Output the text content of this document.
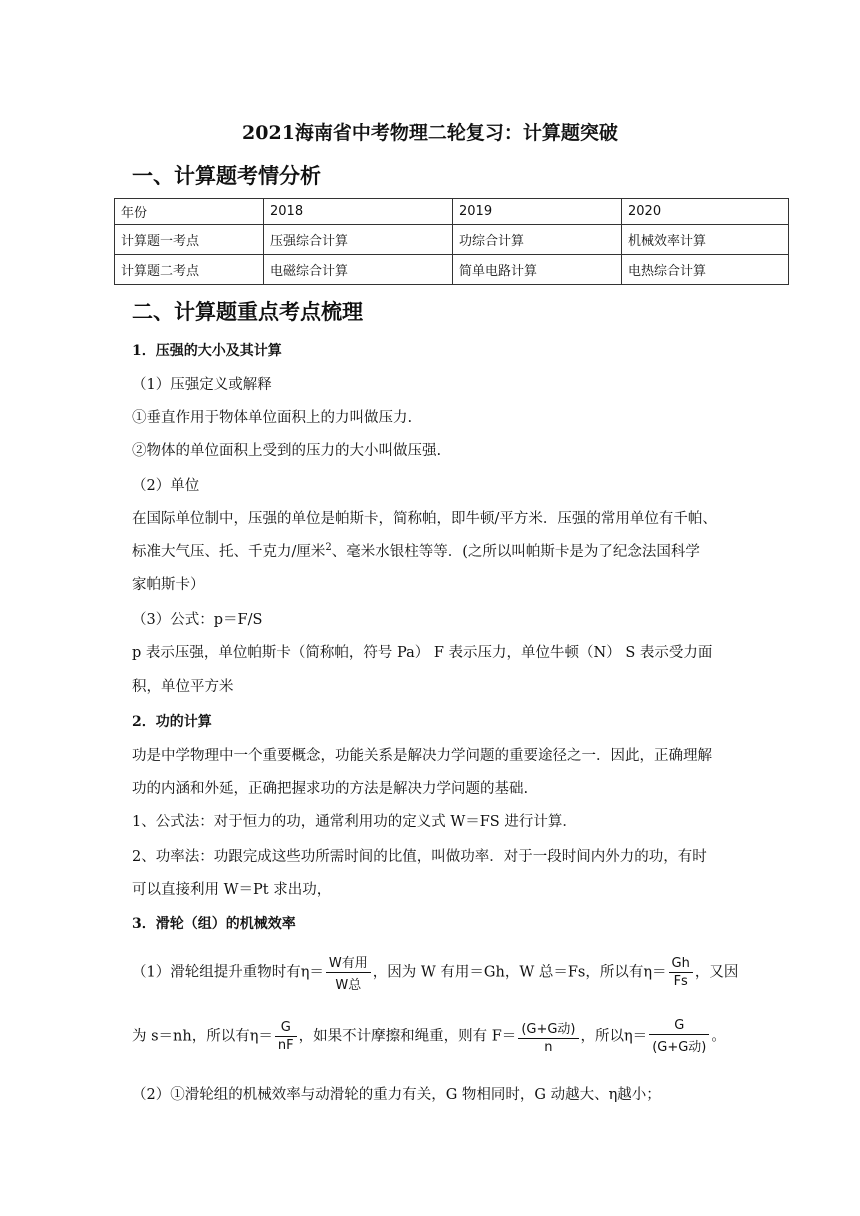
2021海南省中考物理二轮复习：计算题突破
一、计算题考情分析
年份	2018	2019	2020
计算题一考点	压强综合计算	功综合计算	机械效率计算
计算题二考点	电磁综合计算	简单电路计算	电热综合计算
二、计算题重点考点梳理
1．压强的大小及其计算
（1）压强定义或解释
①垂直作用于物体单位面积上的力叫做压力.
②物体的单位面积上受到的压力的大小叫做压强.
（2）单位
在国际单位制中，压强的单位是帕斯卡，简称帕，即牛顿/平方米．压强的常用单位有千帕、
标准大气压、托、千克力/厘米$^2$、毫米水银柱等等．(之所以叫帕斯卡是为了纪念法国科学
家帕斯卡）
（3）公式：p＝F/S
p 表示压强，单位帕斯卡（简称帕，符号 Pa） F 表示压力，单位牛顿（N） S 表示受力面
积，单位平方米
2．功的计算
功是中学物理中一个重要概念，功能关系是解决力学问题的重要途径之一．因此，正确理解
功的内涵和外延，正确把握求功的方法是解决力学问题的基础.
1、公式法：对于恒力的功，通常利用功的定义式 W＝FS 进行计算．
2、功率法：功跟完成这些功所需时间的比值，叫做功率．对于一段时间内外力的功，有时
可以直接利用 W＝Pt 求出功，
3．滑轮（组）的机械效率
（1）滑轮组提升重物时有$\eta= \frac{\text{W有用}}{\text{W总}}$ ，因为 W 有用＝Gh，W 总＝Fs，所以有$\eta= \frac{Gh}{Fs}$ ，又因
为 s＝nh，所以有$\eta= \frac{G}{nF}$ ，如果不计摩擦和绳重，则有 $F= \frac{\text{(G+G动)}}{n}$ ，所以$\eta= \frac{G}{\text{(G+G动)}}$ 。
（2）①滑轮组的机械效率与动滑轮的重力有关，G 物相同时，G 动越大、η越小；
